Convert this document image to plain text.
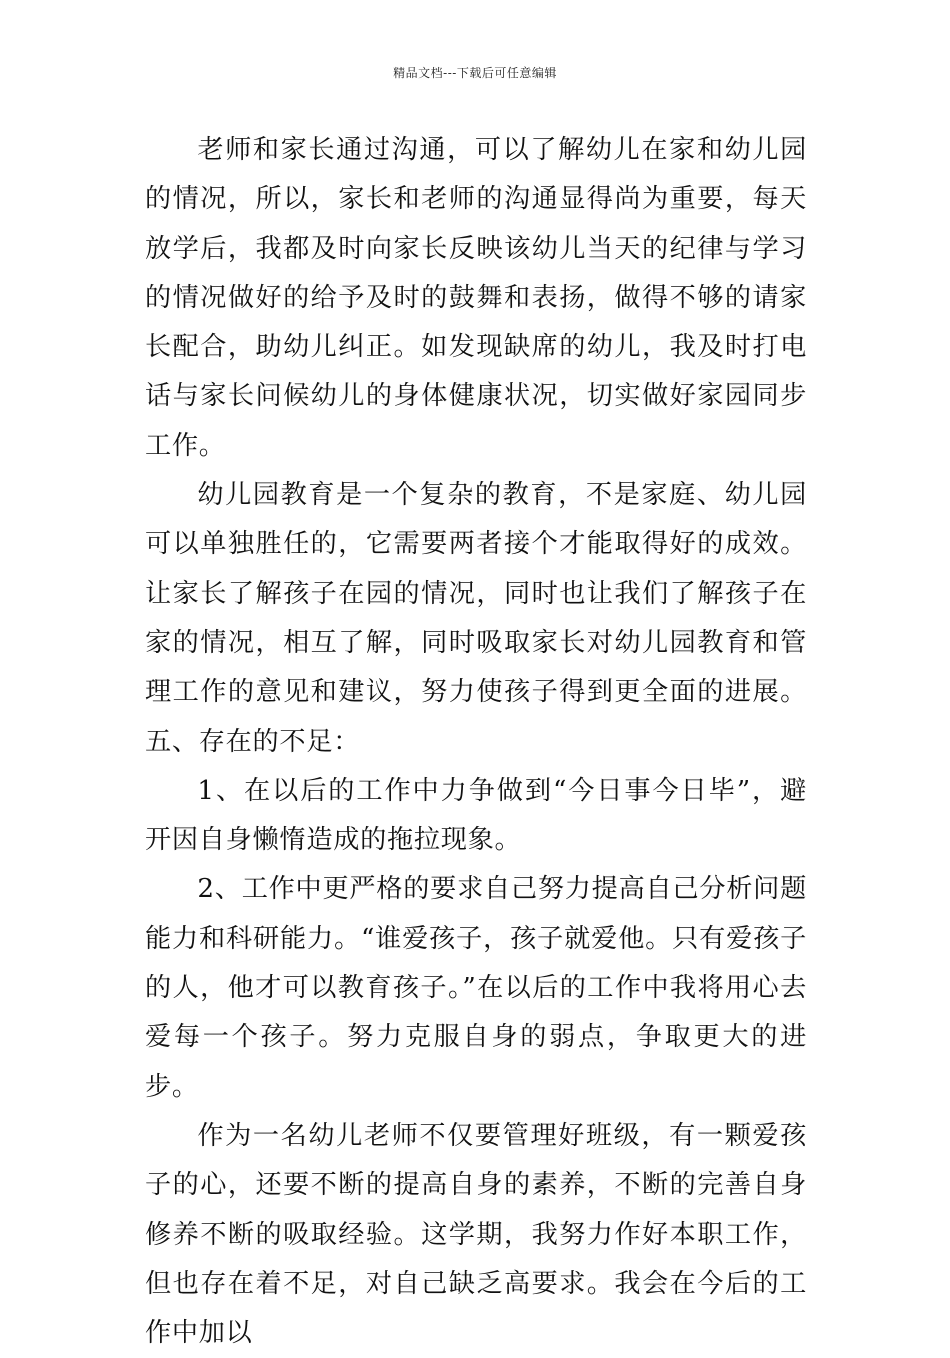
精品文档---下载后可任意编辑

老师和家长通过沟通，可以了解幼儿在家和幼儿园的情况，所以，家长和老师的沟通显得尚为重要，每天放学后，我都及时向家长反映该幼儿当天的纪律与学习的情况做好的给予及时的鼓舞和表扬，做得不够的请家长配合，助幼儿纠正。如发现缺席的幼儿，我及时打电话与家长问候幼儿的身体健康状况，切实做好家园同步工作。

幼儿园教育是一个复杂的教育，不是家庭、幼儿园可以单独胜任的，它需要两者接个才能取得好的成效。让家长了解孩子在园的情况，同时也让我们了解孩子在家的情况，相互了解，同时吸取家长对幼儿园教育和管理工作的意见和建议，努力使孩子得到更全面的进展。 五、存在的不足：

1、在以后的工作中力争做到“今日事今日毕”，避开因自身懒惰造成的拖拉现象。

2、工作中更严格的要求自己努力提高自己分析问题能力和科研能力。“谁爱孩子，孩子就爱他。只有爱孩子的人，他才可以教育孩子。”在以后的工作中我将用心去爱每一个孩子。努力克服自身的弱点，争取更大的进步。

作为一名幼儿老师不仅要管理好班级，有一颗爱孩子的心，还要不断的提高自身的素养，不断的完善自身修养不断的吸取经验。这学期，我努力作好本职工作，但也存在着不足，对自己缺乏高要求。我会在今后的工作中加以
